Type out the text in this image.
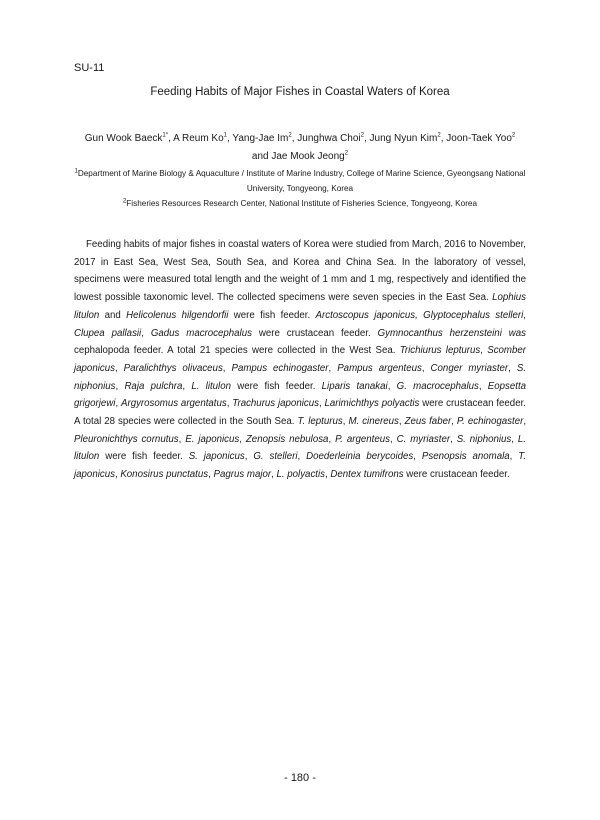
SU-11
Feeding Habits of Major Fishes in Coastal Waters of Korea
Gun Wook Baeck$^{1*}$, A Reum Ko$^1$, Yang-Jae Im$^2$, Junghwa Choi$^2$, Jung Nyun Kim$^2$, Joon-Taek Yoo$^2$
and Jae Mook Jeong$^2$
$^1$Department of Marine Biology & Aquaculture / Institute of Marine Industry, College of Marine Science, Gyeongsang National University, Tongyeong, Korea
$^2$Fisheries Resources Research Center, National Institute of Fisheries Science, Tongyeong, Korea

Feeding habits of major fishes in coastal waters of Korea were studied from March, 2016 to November, 2017 in East Sea, West Sea, South Sea, and Korea and China Sea. In the laboratory of vessel, specimens were measured total length and the weight of 1 mm and 1 mg, respectively and identified the lowest possible taxonomic level. The collected specimens were seven species in the East Sea. Lophius litulon and Helicolenus hilgendorfii were fish feeder. Arctoscopus japonicus, Glyptocephalus stelleri, Clupea pallasii, Gadus macrocephalus were crustacean feeder. Gymnocanthus herzensteini was cephalopoda feeder. A total 21 species were collected in the West Sea. Trichiurus lepturus, Scomber japonicus, Paralichthys olivaceus, Pampus echinogaster, Pampus argenteus, Conger myriaster, S. niphonius, Raja pulchra, L. litulon were fish feeder. Liparis tanakai, G. macrocephalus, Eopsetta grigorjewi, Argyrosomus argentatus, Trachurus japonicus, Larimichthys polyactis were crustacean feeder. A total 28 species were collected in the South Sea. T. lepturus, M. cinereus, Zeus faber, P. echinogaster, Pleuronichthys cornutus, E. japonicus, Zenopsis nebulosa, P. argenteus, C. myriaster, S. niphonius, L. litulon were fish feeder. S. japonicus, G. stelleri, Doederleinia berycoides, Psenopsis anomala, T. japonicus, Konosirus punctatus, Pagrus major, L. polyactis, Dentex tumifrons were crustacean feeder.

- 180 -
